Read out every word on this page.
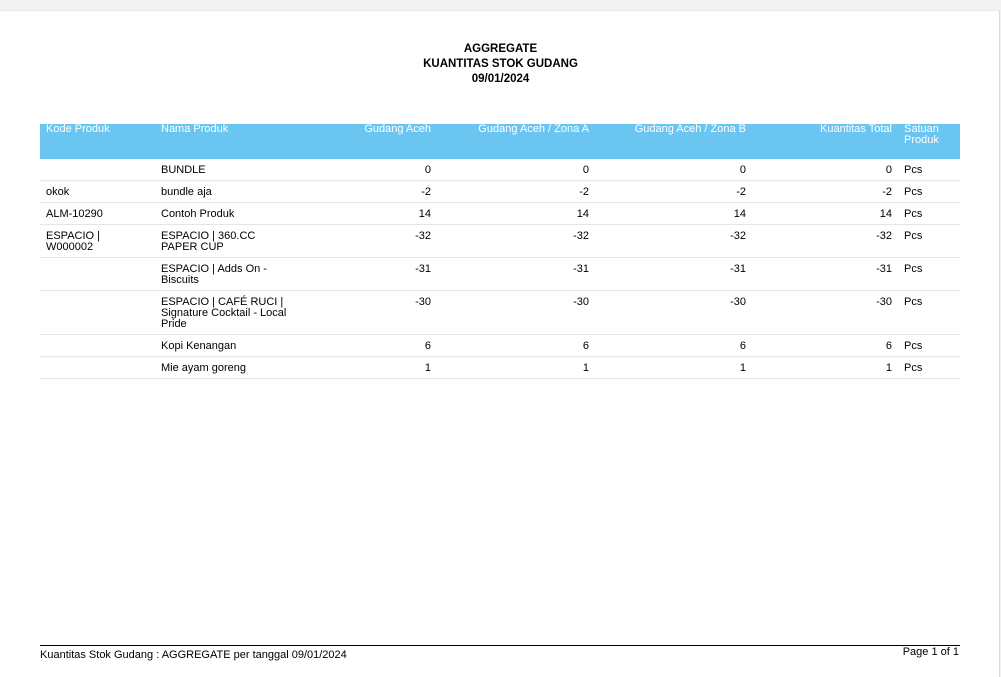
AGGREGATE
KUANTITAS STOK GUDANG
09/01/2024
Kode Produk	Nama Produk	Gudang Aceh	Gudang Aceh / Zona A	Gudang Aceh / Zona B	Kuantitas Total	Satuan Produk
	BUNDLE	0	0	0	0	Pcs
okok	bundle aja	-2	-2	-2	-2	Pcs
ALM-10290	Contoh Produk	14	14	14	14	Pcs
ESPACIO | W000002	ESPACIO | 360.CC PAPER CUP	-32	-32	-32	-32	Pcs
	ESPACIO | Adds On - Biscuits	-31	-31	-31	-31	Pcs
	ESPACIO | CAFÉ RUCI | Signature Cocktail - Local Pride	-30	-30	-30	-30	Pcs
	Kopi Kenangan	6	6	6	6	Pcs
	Mie ayam goreng	1	1	1	1	Pcs
Kuantitas Stok Gudang : AGGREGATE per tanggal 09/01/2024	Page 1 of 1
